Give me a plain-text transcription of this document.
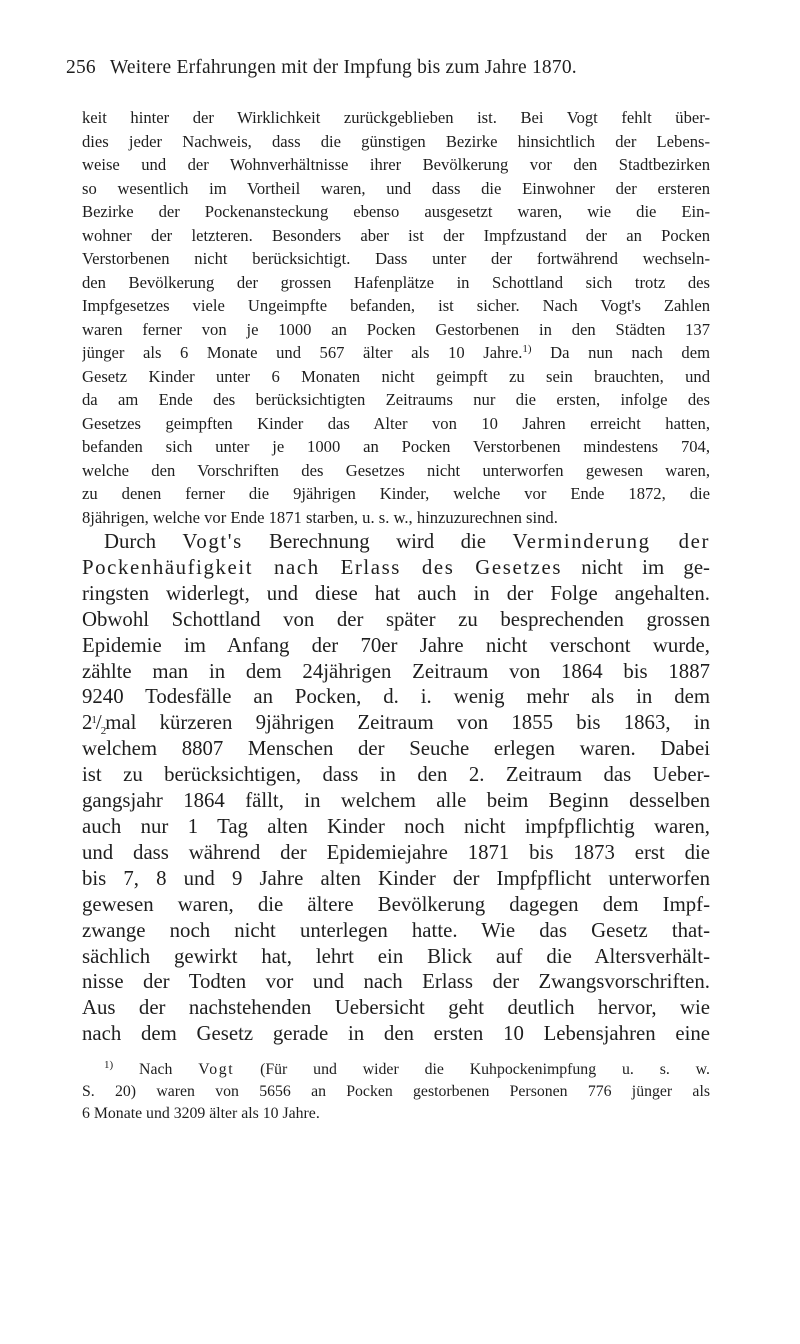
256 Weitere Erfahrungen mit der Impfung bis zum Jahre 1870.
keit hinter der Wirklichkeit zurückgeblieben ist. Bei Vogt fehlt über-
dies jeder Nachweis, dass die günstigen Bezirke hinsichtlich der Lebens-
weise und der Wohnverhältnisse ihrer Bevölkerung vor den Stadtbezirken
so wesentlich im Vortheil waren, und dass die Einwohner der ersteren
Bezirke der Pockenansteckung ebenso ausgesetzt waren, wie die Ein-
wohner der letzteren. Besonders aber ist der Impfzustand der an Pocken
Verstorbenen nicht berücksichtigt. Dass unter der fortwährend wechseln-
den Bevölkerung der grossen Hafenplätze in Schottland sich trotz des
Impfgesetzes viele Ungeimpfte befanden, ist sicher. Nach Vogt's Zahlen
waren ferner von je 1000 an Pocken Gestorbenen in den Städten 137
jünger als 6 Monate und 567 älter als 10 Jahre.$^{1)}$ Da nun nach dem
Gesetz Kinder unter 6 Monaten nicht geimpft zu sein brauchten, und
da am Ende des berücksichtigten Zeitraums nur die ersten, infolge des
Gesetzes geimpften Kinder das Alter von 10 Jahren erreicht hatten,
befanden sich unter je 1000 an Pocken Verstorbenen mindestens 704,
welche den Vorschriften des Gesetzes nicht unterworfen gewesen waren,
zu denen ferner die 9jährigen Kinder, welche vor Ende 1872, die
8jährigen, welche vor Ende 1871 starben, u. s. w., hinzuzurechnen sind.
Durch Vogt's Berechnung wird die Verminderung der
Pockenhäufigkeit nach Erlass des Gesetzes nicht im ge-
ringsten widerlegt, und diese hat auch in der Folge angehalten.
Obwohl Schottland von der später zu besprechenden grossen
Epidemie im Anfang der 70er Jahre nicht verschont wurde,
zählte man in dem 24jährigen Zeitraum von 1864 bis 1887
9240 Todesfälle an Pocken, d. i. wenig mehr als in dem
$2^1/_2mal$ kürzeren 9jährigen Zeitraum von 1855 bis 1863, in
welchem 8807 Menschen der Seuche erlegen waren. Dabei
ist zu berücksichtigen, dass in den 2. Zeitraum das Ueber-
gangsjahr 1864 fällt, in welchem alle beim Beginn desselben
auch nur 1 Tag alten Kinder noch nicht impfpflichtig waren,
und dass während der Epidemiejahre 1871 bis 1873 erst die
bis 7, 8 und 9 Jahre alten Kinder der Impfpflicht unterworfen
gewesen waren, die ältere Bevölkerung dagegen dem Impf-
zwange noch nicht unterlegen hatte. Wie das Gesetz that-
sächlich gewirkt hat, lehrt ein Blick auf die Altersverhält-
nisse der Todten vor und nach Erlass der Zwangsvorschriften.
Aus der nachstehenden Uebersicht geht deutlich hervor, wie
nach dem Gesetz gerade in den ersten 10 Lebensjahren eine
$^{1)}$ Nach Vogt (Für und wider die Kuhpockenimpfung u. s. w.
S. 20) waren von 5656 an Pocken gestorbenen Personen 776 jünger als
6 Monate und 3209 älter als 10 Jahre.
